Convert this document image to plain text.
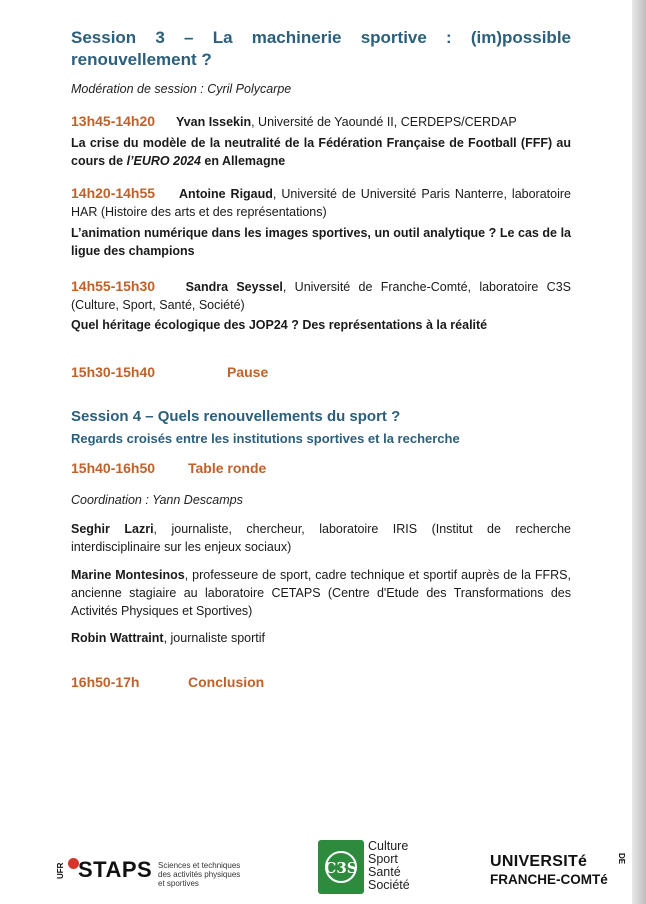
Session 3 – La machinerie sportive : (im)possible
renouvellement ?
Modération de session : Cyril Polycarpe
13h45-14h20 Yvan Issekin, Université de Yaoundé II, CERDEPS/CERDAP
La crise du modèle de la neutralité de la Fédération Française de Football (FFF) au cours de l’EURO 2024 en Allemagne
14h20-14h55 Antoine Rigaud, Université de Université Paris Nanterre, laboratoire HAR (Histoire des arts et des représentations)
L’animation numérique dans les images sportives, un outil analytique ? Le cas de la ligue des champions
14h55-15h30 Sandra Seyssel, Université de Franche-Comté, laboratoire C3S (Culture, Sport, Santé, Société)
Quel héritage écologique des JOP24 ? Des représentations à la réalité
15h30-15h40	Pause
Session 4 – Quels renouvellements du sport ?
Regards croisés entre les institutions sportives et la recherche
15h40-16h50 Table ronde
Coordination : Yann Descamps
Seghir Lazri, journaliste, chercheur, laboratoire IRIS (Institut de recherche interdisciplinaire sur les enjeux sociaux)
Marine Montesinos, professeure de sport, cadre technique et sportif auprès de la FFRS, ancienne stagiaire au laboratoire CETAPS (Centre d'Etude des Transformations des Activités Physiques et Sportives)
Robin Wattraint, journaliste sportif
16h50-17h	Conclusion
UFR STAPS Sciences et techniques des activités physiques et sportives
C3S
Culture
Sport
Santé
Société
UNIVERSITé	DE
FRANCHE-COMTé
